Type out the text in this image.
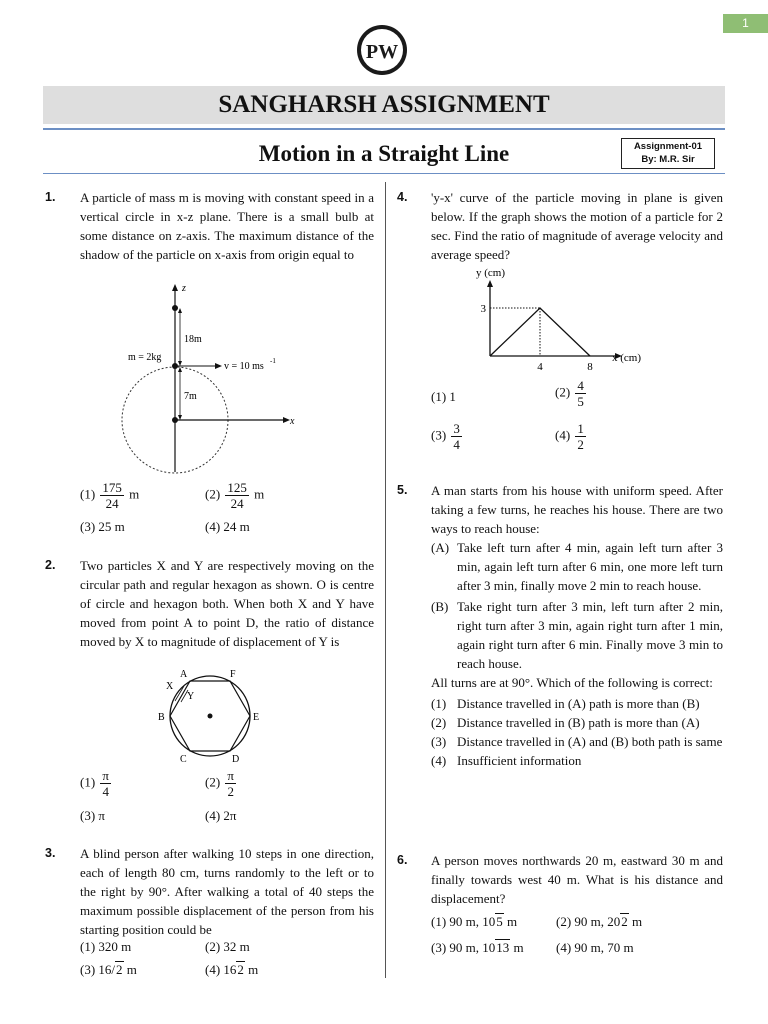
1
PW
SANGHARSH ASSIGNMENT
Motion in a Straight Line	Assignment-01
By: M.R. Sir
1. A particle of mass m is moving with constant speed in a vertical circle in x-z plane. There is a small bulb at some distance on z-axis. The maximum distance of the shadow of the particle on x-axis from origin equal to
z
x
18m
7m
m = 2kg
v = 10 ms -1
$(1) \frac{175}{24}$ m	$(2) \frac{125}{24}$ m
(3) 25 m	(4) 24 m
2. Two particles X and Y are respectively moving on the circular path and regular hexagon as shown. O is centre of circle and hexagon both. When both X and Y have moved from point A to point D, the ratio of distance moved by X to magnitude of displacement of Y is
A	F
B	E
C	D
X
Y
$(1) \frac{\pi}{4}$	$(2) \frac{\pi}{2}$
(3) π	(4) 2π
3. A blind person after walking 10 steps in one direction, each of length 80 cm, turns randomly to the left or to the right by 90°. After walking a total of 40 steps the maximum possible displacement of the person from his starting position could be
(1) 320 m	(2) 32 m
(3) 16/2 m	(4) 162 m
4. 'y-x' curve of the particle moving in plane is given below. If the graph shows the motion of a particle for 2 sec. Find the ratio of magnitude of average velocity and average speed?
4	8
3
y (cm)
x (cm)
(1) 1	$(2) \frac{4}{5}$
$(3) \frac{3}{4}$	$(4) \frac{1}{2}$
5. A man starts from his house with uniform speed. After taking a few turns, he reaches his house. There are two ways to reach house:
(A) Take left turn after 4 min, again left turn after 3 min, again left turn after 6 min, one more left turn after 3 min, finally move 2 min to reach house.
(B) Take right turn after 3 min, left turn after 2 min, right turn after 3 min, again right turn after 1 min, again right turn after 6 min. Finally move 3 min to reach house.
All turns are at 90°. Which of the following is correct:
(1) Distance travelled in (A) path is more than (B)
(2) Distance travelled in (B) path is more than (A)
(3) Distance travelled in (A) and (B) both path is same
(4) Insufficient information
6. A person moves northwards 20 m, eastward 30 m and finally towards west 40 m. What is his distance and displacement?
(1) 90 m, 105 m	(2) 90 m, 202 m
(3) 90 m, 1013 m (4) 90 m, 70 m
